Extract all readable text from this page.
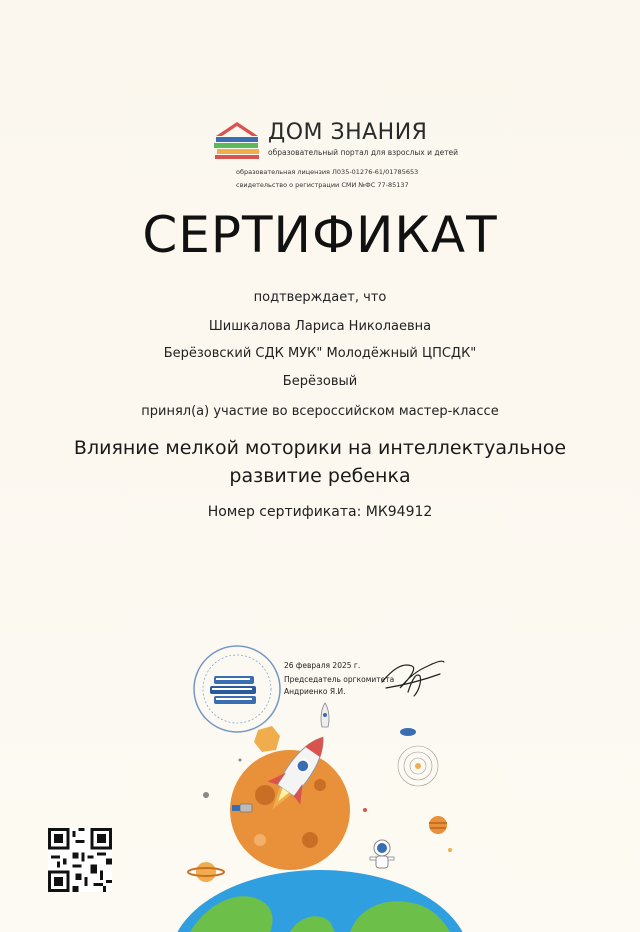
ДОМ ЗНАНИЯ
образовательный портал для взрослых и детей
образовательная лицензия Л035-01276-61/01785653
свидетельство о регистрации СМИ №ФС 77-85137
СЕРТИФИКАТ
подтверждает, что
Шишкалова Лариса Николаевна
Берёзовский СДК МУК" Молодёжный ЦПСДК"
Берёзовый
принял(а) участие во всероссийском мастер-классе
Влияние мелкой моторики на интеллектуальное развитие ребенка
Номер сертификата: МК94912
26 февраля 2025 г.
Председатель оргкомитета
Андриенко Я.И.
